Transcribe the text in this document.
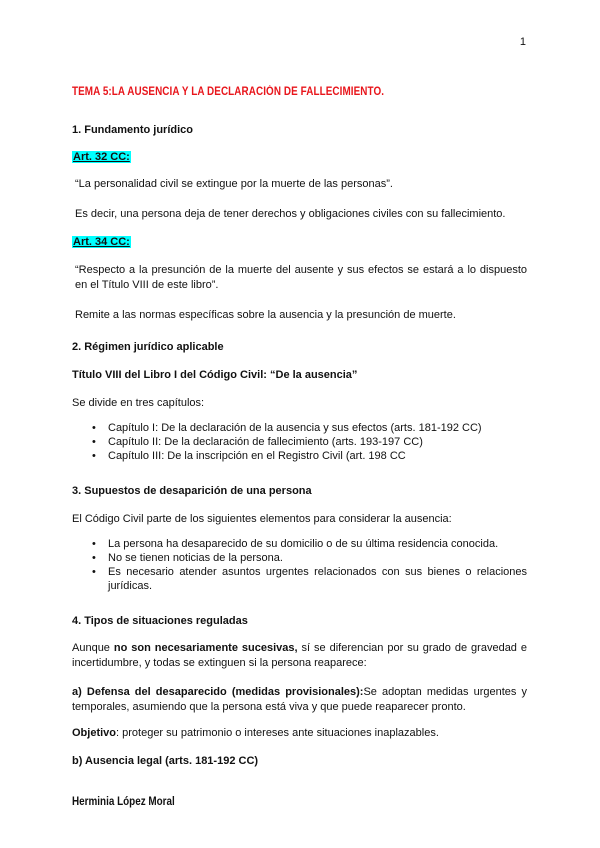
1
TEMA 5:LA AUSENCIA Y LA DECLARACIÓN DE FALLECIMIENTO.
1. Fundamento jurídico
Art. 32 CC:
“La personalidad civil se extingue por la muerte de las personas”.
Es decir, una persona deja de tener derechos y obligaciones civiles con su fallecimiento.
Art. 34 CC:
“Respecto a la presunción de la muerte del ausente y sus efectos se estará a lo dispuesto en el Título VIII de este libro”.
Remite a las normas específicas sobre la ausencia y la presunción de muerte.
2. Régimen jurídico aplicable
Título VIII del Libro I del Código Civil: “De la ausencia”
Se divide en tres capítulos:
• Capítulo I: De la declaración de la ausencia y sus efectos (arts. 181-192 CC)
• Capítulo II: De la declaración de fallecimiento (arts. 193-197 CC)
• Capítulo III: De la inscripción en el Registro Civil (art. 198 CC
3. Supuestos de desaparición de una persona
El Código Civil parte de los siguientes elementos para considerar la ausencia:
• La persona ha desaparecido de su domicilio o de su última residencia conocida.
• No se tienen noticias de la persona.
• Es necesario atender asuntos urgentes relacionados con sus bienes o relaciones jurídicas.
4. Tipos de situaciones reguladas
Aunque no son necesariamente sucesivas, sí se diferencian por su grado de gravedad e incertidumbre, y todas se extinguen si la persona reaparece:
a) Defensa del desaparecido (medidas provisionales):Se adoptan medidas urgentes y temporales, asumiendo que la persona está viva y que puede reaparecer pronto.
Objetivo: proteger su patrimonio o intereses ante situaciones inaplazables.
b) Ausencia legal (arts. 181-192 CC)
Herminia López Moral
